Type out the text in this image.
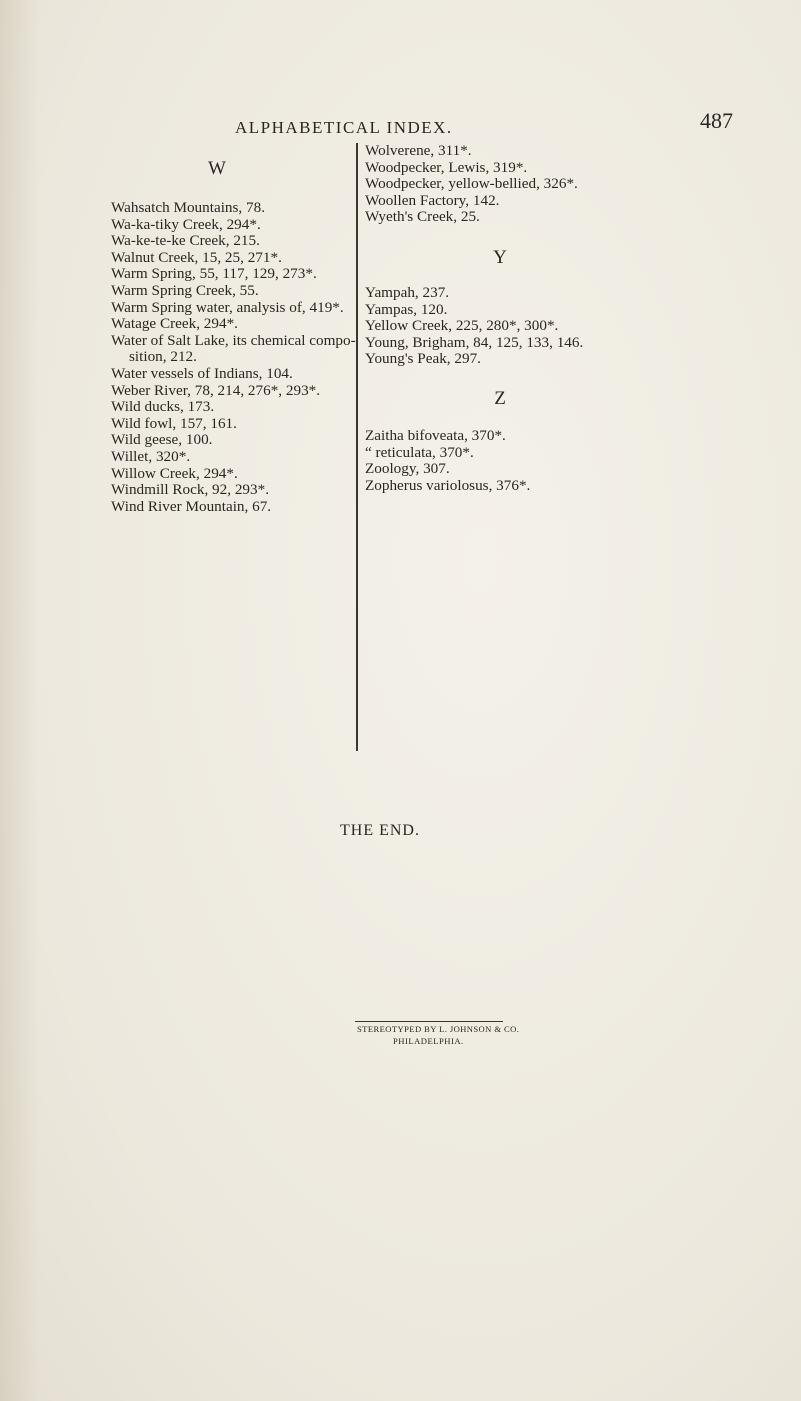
ALPHABETICAL INDEX.	487
W
Wahsatch Mountains, 78.
Wa-ka-tiky Creek, 294*.
Wa-ke-te-ke Creek, 215.
Walnut Creek, 15, 25, 271*.
Warm Spring, 55, 117, 129, 273*.
Warm Spring Creek, 55.
Warm Spring water, analysis of, 419*.
Watage Creek, 294*.
Water of Salt Lake, its chemical compo-
sition, 212.
Water vessels of Indians, 104.
Weber River, 78, 214, 276*, 293*.
Wild ducks, 173.
Wild fowl, 157, 161.
Wild geese, 100.
Willet, 320*.
Willow Creek, 294*.
Windmill Rock, 92, 293*.
Wind River Mountain, 67.
Wolverene, 311*.
Woodpecker, Lewis, 319*.
Woodpecker, yellow-bellied, 326*.
Woollen Factory, 142.
Wyeth's Creek, 25.
Y
Yampah, 237.
Yampas, 120.
Yellow Creek, 225, 280*, 300*.
Young, Brigham, 84, 125, 133, 146.
Young's Peak, 297.
Z
Zaitha bifoveata, 370*.
“ reticulata, 370*.
Zoology, 307.
Zopherus variolosus, 376*.
THE END.
STEREOTYPED BY L. JOHNSON & CO.
PHILADELPHIA.
